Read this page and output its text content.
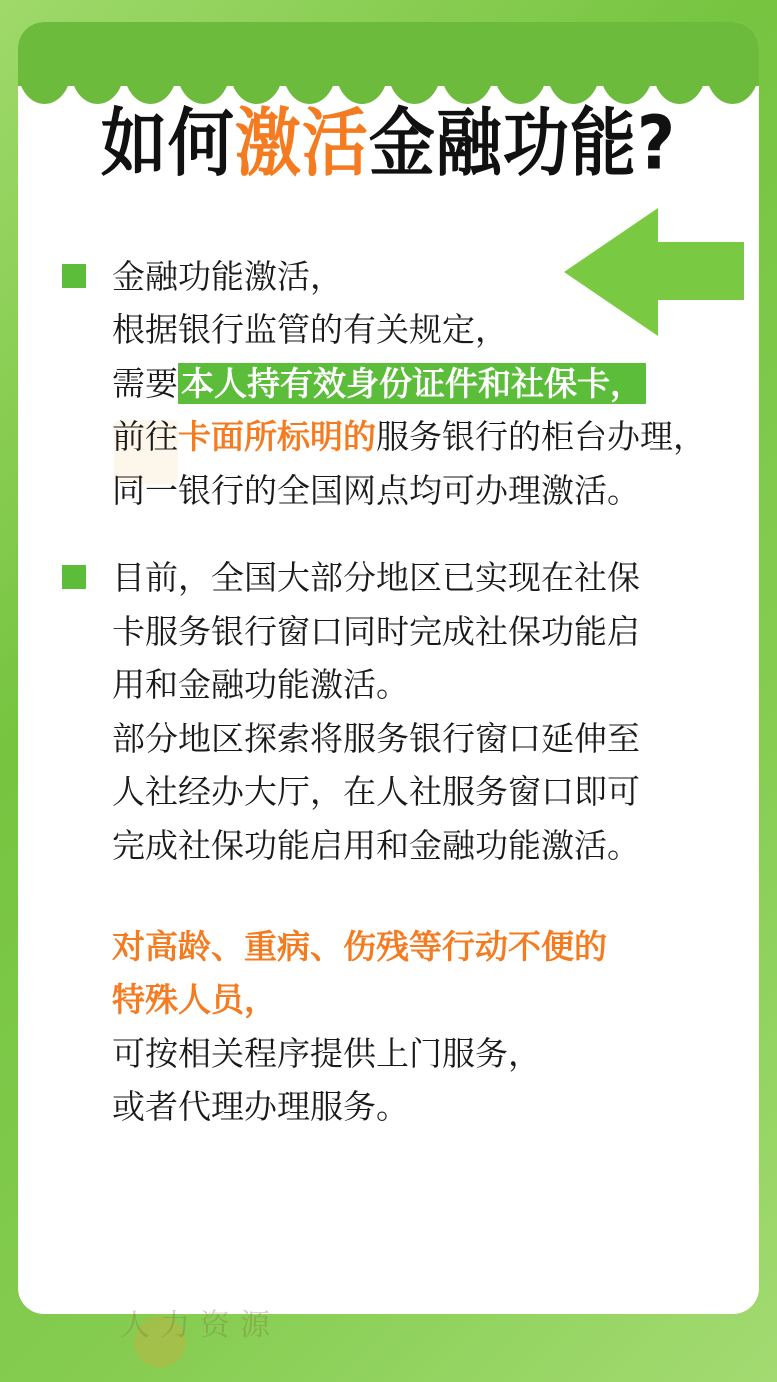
如何激活金融功能?
金融功能激活，
根据银行监管的有关规定，
需要本人持有效身份证件和社保卡，
前往卡面所标明的服务银行的柜台办理，
同一银行的全国网点均可办理激活。
目前，全国大部分地区已实现在社保
卡服务银行窗口同时完成社保功能启
用和金融功能激活。
部分地区探索将服务银行窗口延伸至
人社经办大厅，在人社服务窗口即可
完成社保功能启用和金融功能激活。
对高龄、重病、伤残等行动不便的
特殊人员，
可按相关程序提供上门服务，
或者代理办理服务。
人力资源
